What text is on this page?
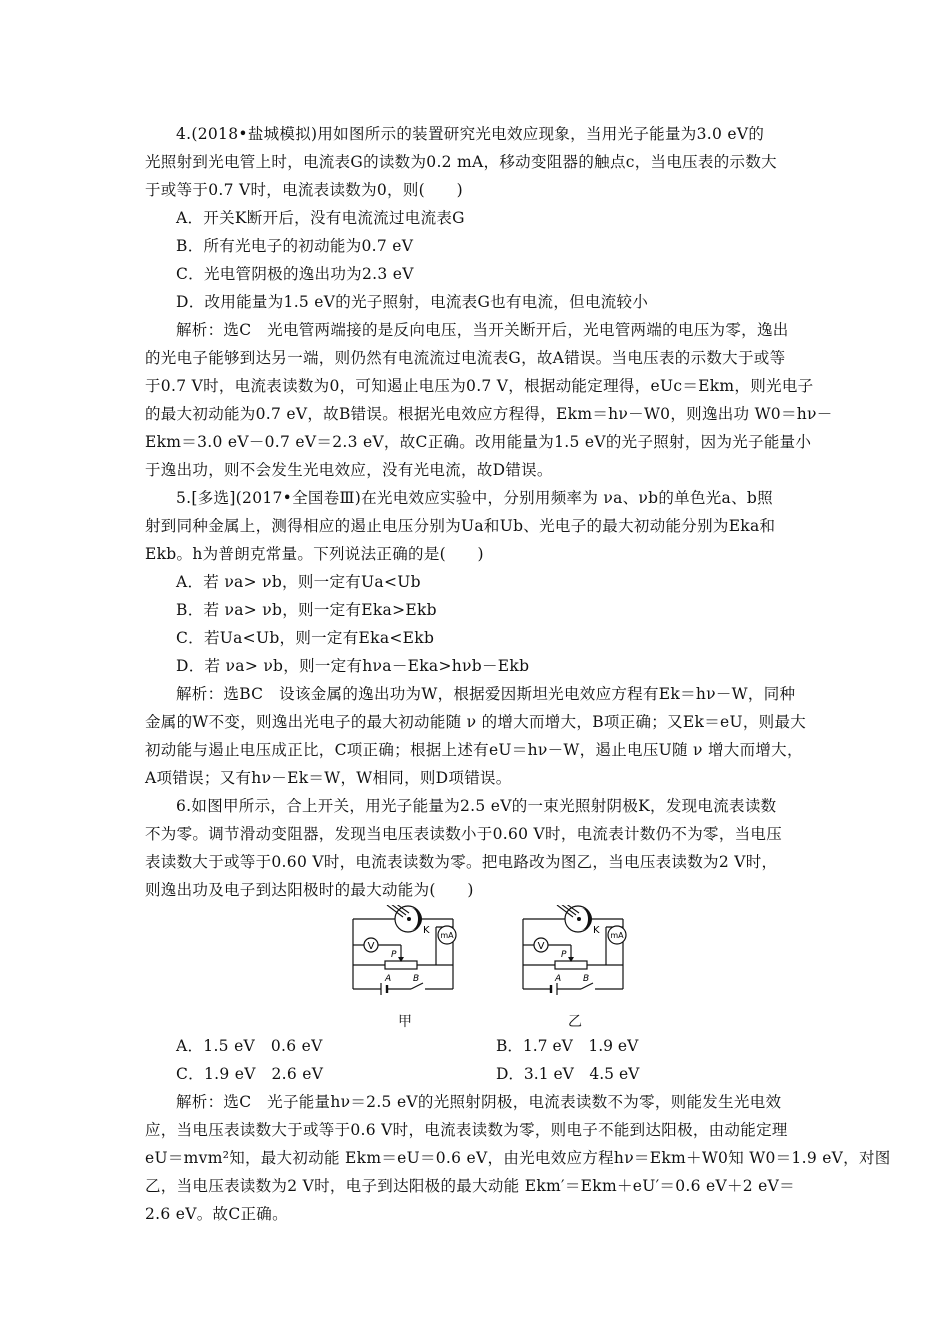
4.(2018•盐城模拟)用如图所示的装置研究光电效应现象，当用光子能量为3.0 eV的
光照射到光电管上时，电流表G的读数为0.2 mA，移动变阻器的触点c，当电压表的示数大
于或等于0.7 V时，电流表读数为0，则(　　)
A．开关K断开后，没有电流流过电流表G
B．所有光电子的初动能为0.7 eV
C．光电管阴极的逸出功为2.3 eV
D．改用能量为1.5 eV的光子照射，电流表G也有电流，但电流较小
解析：选C　光电管两端接的是反向电压，当开关断开后，光电管两端的电压为零，逸出
的光电子能够到达另一端，则仍然有电流流过电流表G，故A错误。当电压表的示数大于或等
于0.7 V时，电流表读数为0，可知遏止电压为0.7 V，根据动能定理得，eUc＝Ekm，则光电子
的最大初动能为0.7 eV，故B错误。根据光电效应方程得，Ekm＝hν－W0，则逸出功 W0＝hν－
Ekm＝3.0 eV－0.7 eV＝2.3 eV，故C正确。改用能量为1.5 eV的光子照射，因为光子能量小
于逸出功，则不会发生光电效应，没有光电流，故D错误。
5.[多选](2017•全国卷Ⅲ)在光电效应实验中，分别用频率为 νa、νb的单色光a、b照
射到同种金属上，测得相应的遏止电压分别为Ua和Ub、光电子的最大初动能分别为Eka和
Ekb。h为普朗克常量。下列说法正确的是(　　)
A．若 νa> νb，则一定有Ua<Ub
B．若 νa> νb，则一定有Eka>Ekb
C．若Ua<Ub，则一定有Eka<Ekb
D．若 νa> νb，则一定有hνa－Eka>hνb－Ekb
解析：选BC　设该金属的逸出功为W，根据爱因斯坦光电效应方程有Ek＝hν－W，同种
金属的W不变，则逸出光电子的最大初动能随 ν 的增大而增大，B项正确；又Ek＝eU，则最大
初动能与遏止电压成正比，C项正确；根据上述有eU＝hν－W，遏止电压U随 ν 增大而增大，
A项错误；又有hν－Ek＝W，W相同，则D项错误。
6.如图甲所示，合上开关，用光子能量为2.5 eV的一束光照射阴极K，发现电流表读数
不为零。调节滑动变阻器，发现当电压表读数小于0.60 V时，电流表计数仍不为零，当电压
表读数大于或等于0.60 V时，电流表读数为零。把电路改为图乙，当电压表读数为2 V时，
则逸出功及电子到达阳极时的最大动能为(　　)
V
mA
K
P
A B
甲
V
mA
K
P
A B
乙
A．1.5 eV　0.6 eV	B．1.7 eV　1.9 eV
C．1.9 eV　2.6 eV	D．3.1 eV　4.5 eV
解析：选C　光子能量hν＝2.5 eV的光照射阴极，电流表读数不为零，则能发生光电效
应，当电压表读数大于或等于0.6 V时，电流表读数为零，则电子不能到达阳极，由动能定理
eU＝mvm²知，最大初动能 Ekm＝eU＝0.6 eV，由光电效应方程hν＝Ekm＋W0知 W0＝1.9 eV，对图
乙，当电压表读数为2 V时，电子到达阳极的最大动能 Ekm′＝Ekm＋eU′＝0.6 eV＋2 eV＝
2.6 eV。故C正确。
